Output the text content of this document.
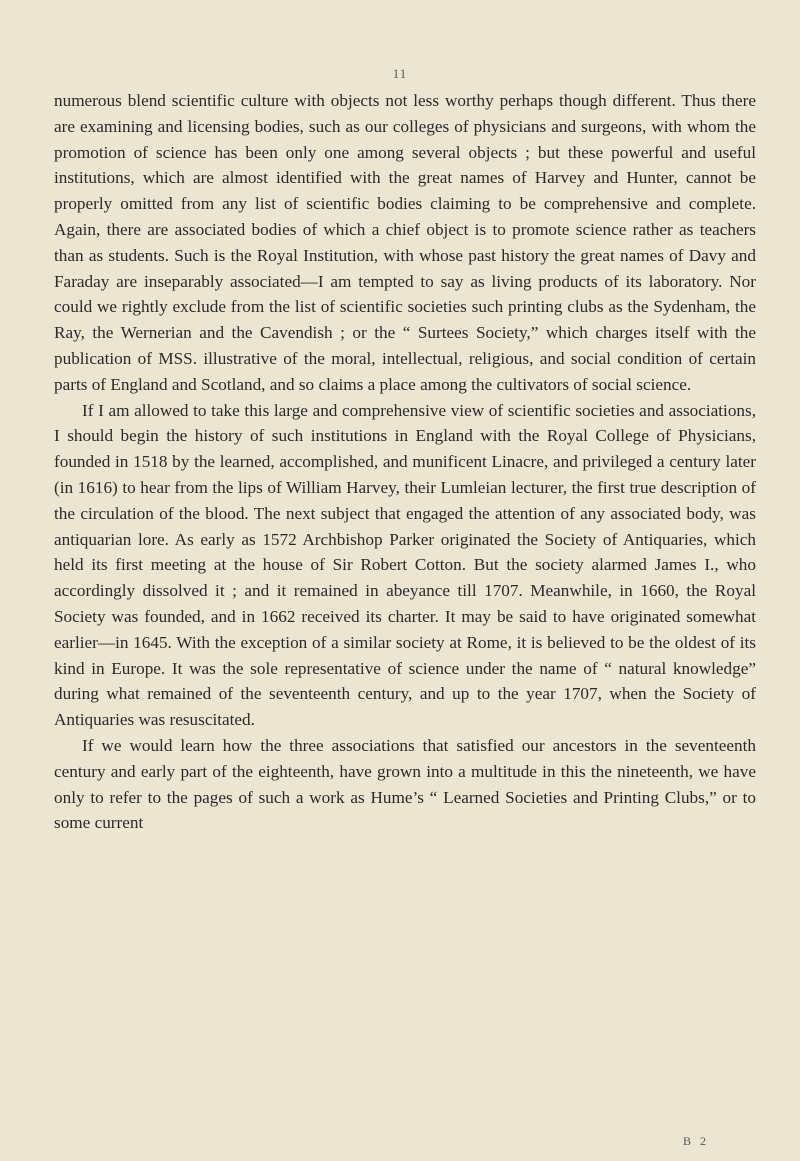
11

numerous blend scientific culture with objects not less worthy perhaps though different. Thus there are examining and licensing bodies, such as our colleges of physicians and surgeons, with whom the promotion of science has been only one among several objects ; but these powerful and useful institutions, which are almost identified with the great names of Harvey and Hunter, cannot be properly omitted from any list of scientific bodies claiming to be comprehensive and complete. Again, there are associated bodies of which a chief object is to promote science rather as teachers than as students. Such is the Royal Institution, with whose past history the great names of Davy and Faraday are inseparably associated—I am tempted to say as living products of its laboratory. Nor could we rightly exclude from the list of scientific societies such printing clubs as the Sydenham, the Ray, the Wernerian and the Cavendish ; or the “ Surtees Society,” which charges itself with the publication of MSS. illustrative of the moral, intellectual, religious, and social condition of certain parts of England and Scotland, and so claims a place among the cultivators of social science.

If I am allowed to take this large and comprehensive view of scientific societies and associations, I should begin the history of such institutions in England with the Royal College of Physicians, founded in 1518 by the learned, accomplished, and munificent Linacre, and privileged a century later (in 1616) to hear from the lips of William Harvey, their Lumleian lecturer, the first true description of the circulation of the blood. The next subject that engaged the attention of any associated body, was antiquarian lore. As early as 1572 Archbishop Parker originated the Society of Antiquaries, which held its first meeting at the house of Sir Robert Cotton. But the society alarmed James I., who accordingly dissolved it ; and it remained in abeyance till 1707. Meanwhile, in 1660, the Royal Society was founded, and in 1662 received its charter. It may be said to have originated somewhat earlier—in 1645. With the exception of a similar society at Rome, it is believed to be the oldest of its kind in Europe. It was the sole representative of science under the name of “ natural knowledge” during what remained of the seventeenth century, and up to the year 1707, when the Society of Antiquaries was resuscitated.

If we would learn how the three associations that satisfied our ancestors in the seventeenth century and early part of the eighteenth, have grown into a multitude in this the nineteenth, we have only to refer to the pages of such a work as Hume’s “ Learned Societies and Printing Clubs,” or to some current

B 2
